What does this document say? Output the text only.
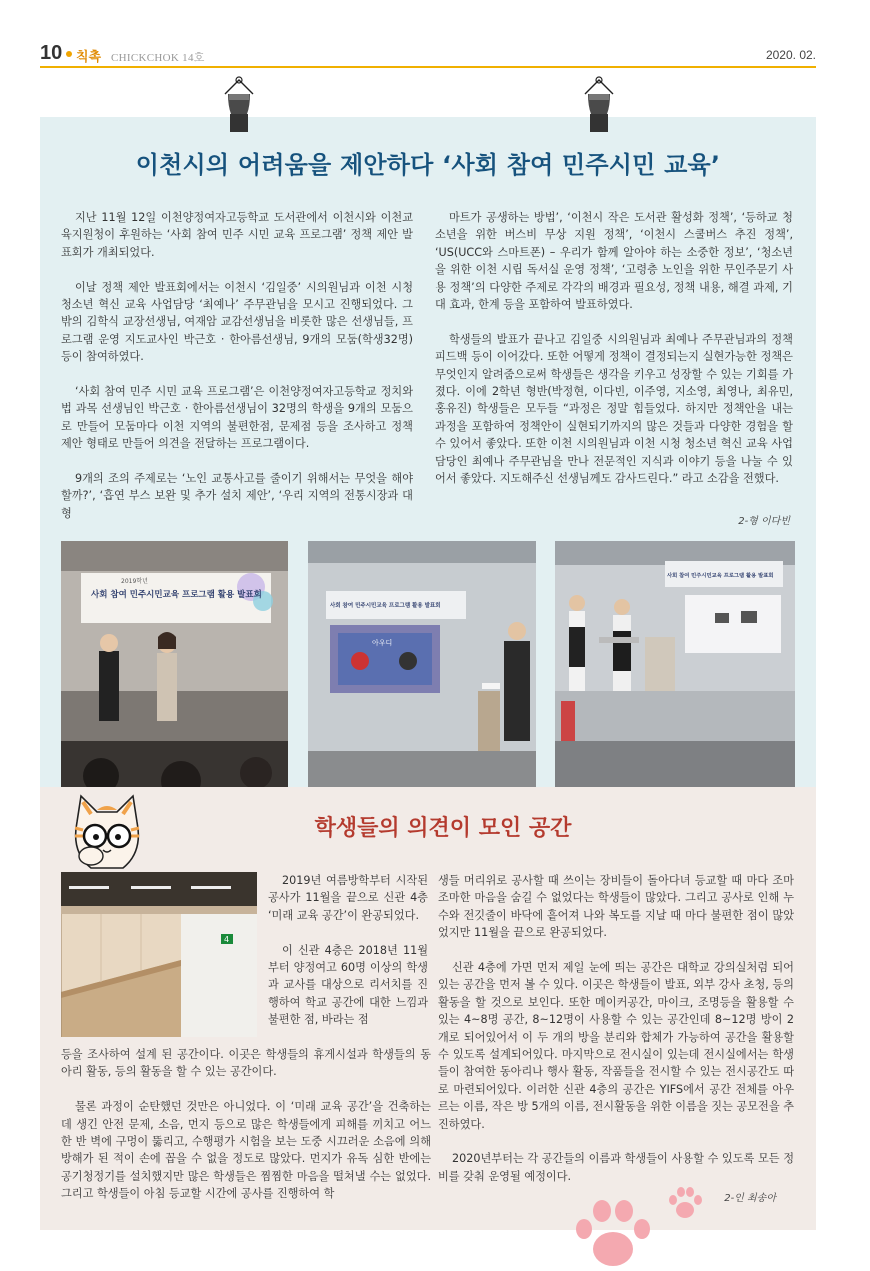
10 칙촉 CHICKCHOK 14호	2020. 02.
이천시의 어려움을 제안하다 ‘사회 참여 민주시민 교육’

지난 11월 12일 이천양정여자고등학교 도서관에서 이천시와 이천교육지원청이 후원하는 ‘사회 참여 민주 시민 교육 프로그램’ 정책 제안 발표회가 개최되었다.

이날 정책 제안 발표회에서는 이천시 ‘김일중’ 시의원님과 이천 시청 청소년 혁신 교육 사업담당 ‘최예나’ 주무관님을 모시고 진행되었다. 그 밖의 김학식 교장선생님, 여재암 교감선생님을 비롯한 많은 선생님들, 프로그램 운영 지도교사인 박근호 · 한아름선생님, 9개의 모둠(학생32명) 등이 참여하였다.

‘사회 참여 민주 시민 교육 프로그램’은 이천양정여자고등학교 정치와 법 과목 선생님인 박근호 · 한아름선생님이 32명의 학생을 9개의 모둠으로 만들어 모둠마다 이천 지역의 불편한점, 문제점 등을 조사하고 정책 제안 형태로 만들어 의견을 전달하는 프로그램이다.

9개의 조의 주제로는 ‘노인 교통사고를 줄이기 위해서는 무엇을 해야 할까?’, ‘흡연 부스 보완 및 추가 설치 제안’, ‘우리 지역의 전통시장과 대형

마트가 공생하는 방법’, ‘이천시 작은 도서관 활성화 정책’, ‘등하교 청소년을 위한 버스비 무상 지원 정책’, ‘이천시 스쿨버스 추진 정책’, ‘US(UCC와 스마트폰) – 우리가 함께 알아야 하는 소중한 정보’, ‘청소년을 위한 이천 시립 독서실 운영 정책’, ‘고령층 노인을 위한 무인주문기 사용 정책’의 다양한 주제로 각각의 배경과 필요성, 정책 내용, 해결 과제, 기대 효과, 한계 등을 포함하여 발표하였다.

학생들의 발표가 끝나고 김일중 시의원님과 최예나 주무관님과의 정책 피드백 등이 이어갔다. 또한 어떻게 정책이 결정되는지 실현가능한 정책은 무엇인지 알려줌으로써 학생들은 생각을 키우고 성장할 수 있는 기회를 가졌다. 이에 2학년 형반(박정현, 이다빈, 이주영, 지소영, 최영나, 최유민, 홍유진) 학생들은 모두들 “과정은 정말 힘들었다. 하지만 정책안을 내는 과정을 포함하여 정책안이 실현되기까지의 많은 것들과 다양한 경험을 할 수 있어서 좋았다. 또한 이천 시의원님과 이천 시청 청소년 혁신 교육 사업 담당인 최예나 주무관님을 만나 전문적인 지식과 이야기 등을 나눌 수 있어서 좋았다. 지도해주신 선생님께도 감사드린다.” 라고 소감을 전했다.

2-형 이다빈
2019학년
사회 참여 민주시민교육 프로그램 활용 발표회
사회 참여 민주시민교육 프로그램 활용 발표회
아우디
사회 참여 민주시민교육 프로그램 활용 발표회
학생들의 의견이 모인 공간
4

2019년 여름방학부터 시작된 공사가 11월을 끝으로 신관 4층 ‘미래 교육 공간’이 완공되었다.

이 신관 4층은 2018년 11월부터 양정여고 60명 이상의 학생과 교사를 대상으로 리서치를 진행하여 학교 공간에 대한 느낌과 불편한 점, 바라는 점

등을 조사하여 설계 된 공간이다. 이곳은 학생들의 휴게시설과 학생들의 동아리 활동, 등의 활동을 할 수 있는 공간이다.

물론 과정이 순탄했던 것만은 아니었다. 이 ‘미래 교육 공간’을 건축하는데 생긴 안전 문제, 소음, 먼지 등으로 많은 학생들에게 피해를 끼치고 어느 한 반 벽에 구멍이 뚫리고, 수행평가 시험을 보는 도중 시끄러운 소음에 의해 방해가 된 적이 손에 꼽을 수 없을 정도로 많았다. 먼지가 유독 심한 반에는 공기청정기를 설치했지만 많은 학생들은 찜찜한 마음을 떨쳐낼 수는 없었다. 그리고 학생들이 아침 등교할 시간에 공사를 진행하여 학

생들 머리위로 공사할 때 쓰이는 장비들이 돌아다녀 등교할 때 마다 조마조마한 마음을 숨길 수 없었다는 학생들이 많았다. 그리고 공사로 인해 누수와 전깃줄이 바닥에 흩어져 나와 복도를 지날 때 마다 불편한 점이 많았었지만 11월을 끝으로 완공되었다.

신관 4층에 가면 먼저 제일 눈에 띄는 공간은 대학교 강의실처럼 되어있는 공간을 먼저 볼 수 있다. 이곳은 학생들이 발표, 외부 강사 초청, 등의 활동을 할 것으로 보인다. 또한 메이커공간, 마이크, 조명등을 활용할 수 있는 4~8명 공간, 8~12명이 사용할 수 있는 공간인데 8~12명 방이 2개로 되어있어서 이 두 개의 방을 분리와 합체가 가능하여 공간을 활용할 수 있도록 설계되어있다. 마지막으로 전시실이 있는데 전시실에서는 학생들이 참여한 동아리나 행사 활동, 작품들을 전시할 수 있는 전시공간도 따로 마련되어있다. 이러한 신관 4층의 공간은 YIFS에서 공간 전체를 아우르는 이름, 작은 방 5개의 이름, 전시활동을 위한 이름을 짓는 공모전을 추진하였다.

2020년부터는 각 공간들의 이름과 학생들이 사용할 수 있도록 모든 정비를 갖춰 운영될 예정이다.

2-인 최송아
